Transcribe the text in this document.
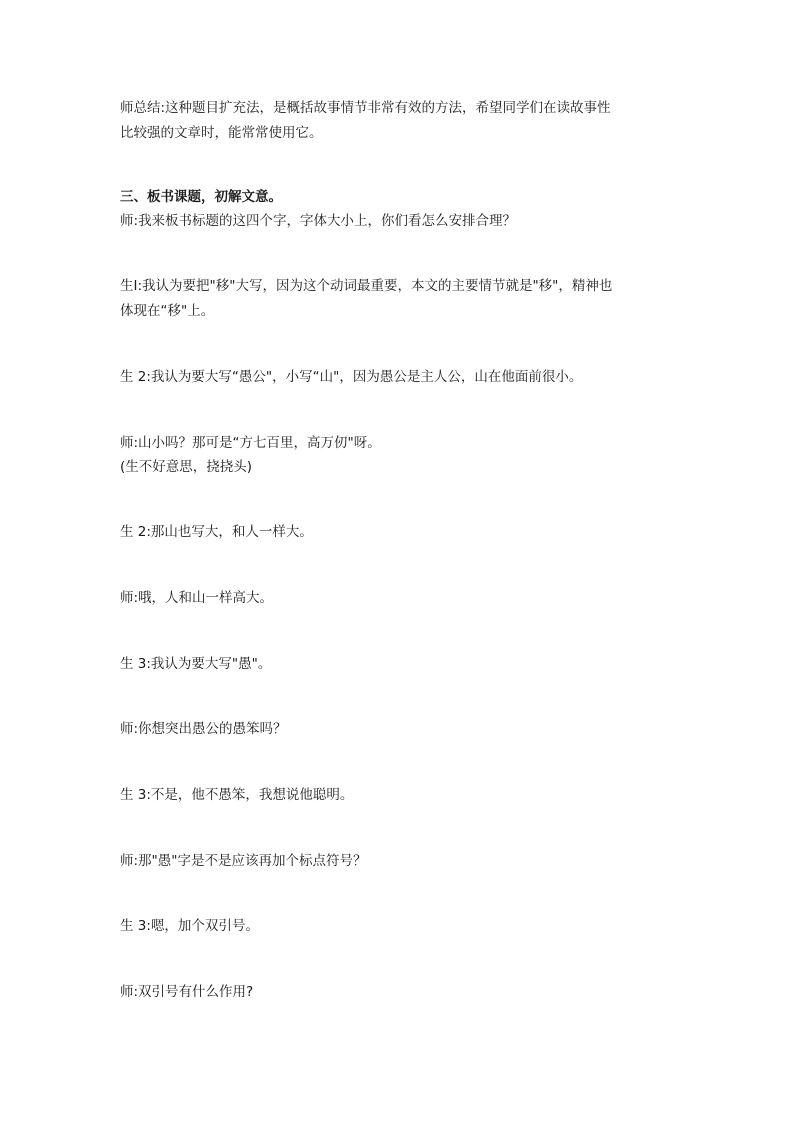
师总结:这种题目扩充法，是概括故事情节非常有效的方法，希望同学们在读故事性
比较强的文章时，能常常使用它。
三、板书课题，初解文意。
师:我来板书标题的这四个字，字体大小上，你们看怎么安排合理？
生Ⅰ:我认为要把"移"大写，因为这个动词最重要，本文的主要情节就是"移"，精神也
体现在“移"上。
生 2:我认为要大写“愚公"，小写“山"，因为愚公是主人公，山在他面前很小。
师:山小吗？那可是“方七百里，高万仞"呀。
(生不好意思，挠挠头)
生 2:那山也写大，和人一样大。
师:哦，人和山一样高大。
生 3:我认为要大写"愚"。
师:你想突出愚公的愚笨吗？
生 3:不是，他不愚笨，我想说他聪明。
师:那"愚"字是不是应该再加个标点符号？
生 3:嗯，加个双引号。
师:双引号有什么作用?
